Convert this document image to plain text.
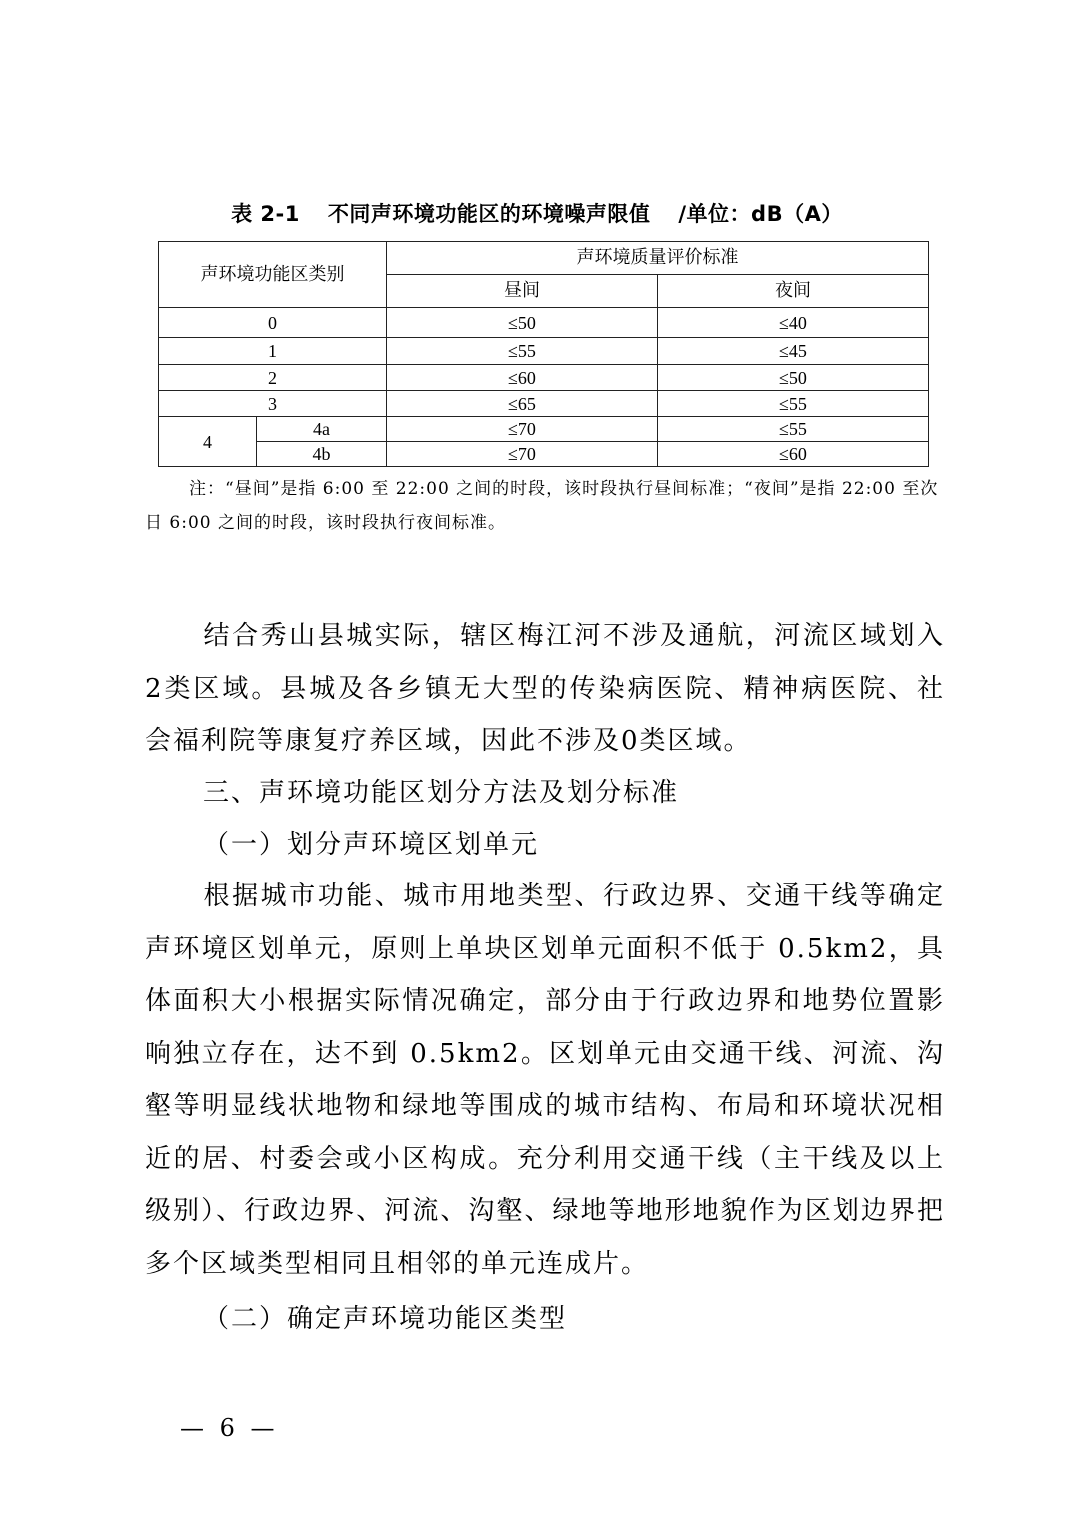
表 2-1 不同声环境功能区的环境噪声限值 /单位：dB（A）
声环境功能区类别		声环境质量评价标准	
		昼间	夜间
0		≤50	≤40
1		≤55	≤45
2		≤60	≤50
3		≤65	≤55
4	4a	≤70	≤55
	4b	≤70	≤60
注：“昼间”是指 6:00 至 22:00 之间的时段，该时段执行昼间标准；“夜间”是指 22:00 至次日 6:00 之间的时段，该时段执行夜间标准。
结合秀山县城实际，辖区梅江河不涉及通航，河流区域划入2类区域。县城及各乡镇无大型的传染病医院、精神病医院、社会福利院等康复疗养区域，因此不涉及0类区域。
三、声环境功能区划分方法及划分标准
（一）划分声环境区划单元
根据城市功能、城市用地类型、行政边界、交通干线等确定声环境区划单元，原则上单块区划单元面积不低于 0.5km2，具体面积大小根据实际情况确定，部分由于行政边界和地势位置影响独立存在，达不到 0.5km2。区划单元由交通干线、河流、沟壑等明显线状地物和绿地等围成的城市结构、布局和环境状况相近的居、村委会或小区构成。充分利用交通干线（主干线及以上级别）、行政边界、河流、沟壑、绿地等地形地貌作为区划边界把多个区域类型相同且相邻的单元连成片。
（二）确定声环境功能区类型
— 6 —
